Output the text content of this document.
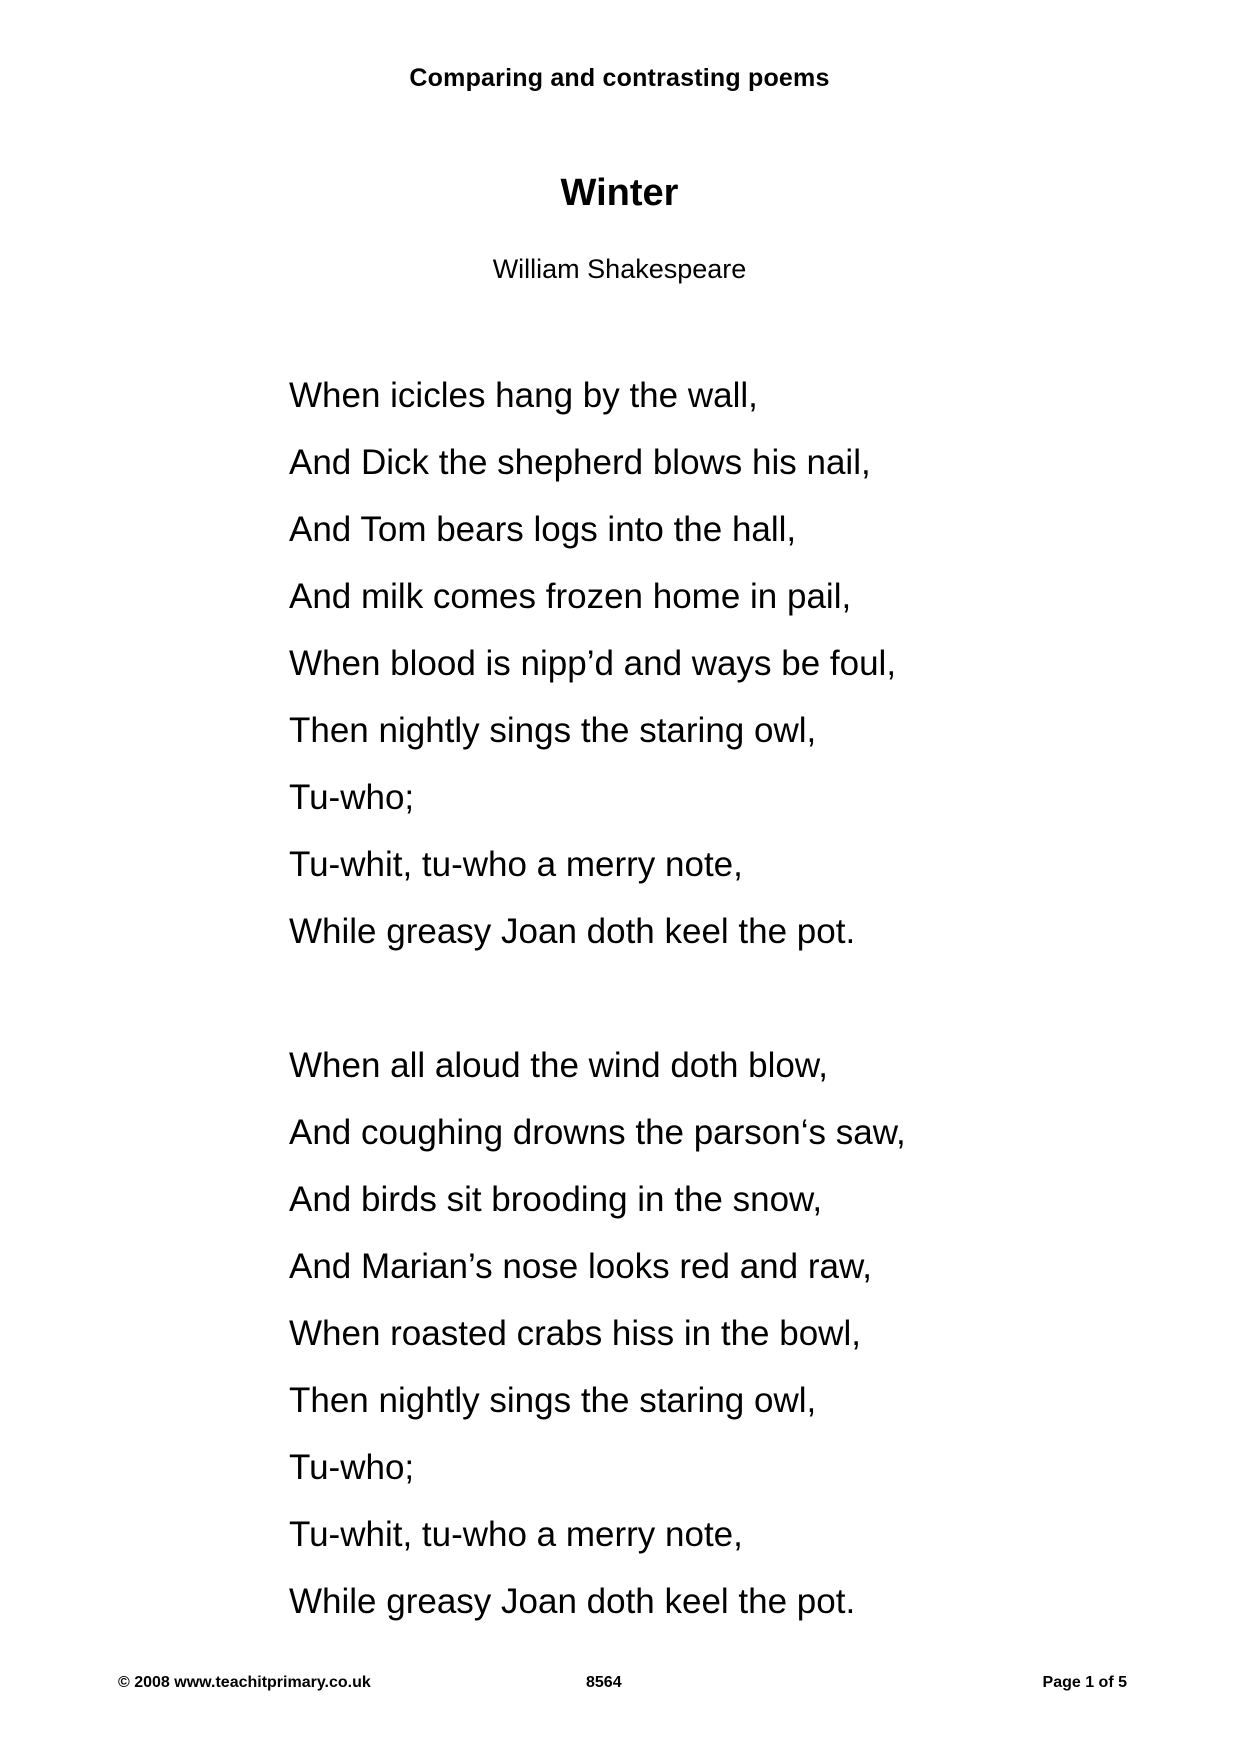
Comparing and contrasting poems
Winter
William Shakespeare
When icicles hang by the wall,
And Dick the shepherd blows his nail,
And Tom bears logs into the hall,
And milk comes frozen home in pail,
When blood is nipp’d and ways be foul,
Then nightly sings the staring owl,
Tu-who;
Tu-whit, tu-who a merry note,
While greasy Joan doth keel the pot.
When all aloud the wind doth blow,
And coughing drowns the parson‘s saw,
And birds sit brooding in the snow,
And Marian’s nose looks red and raw,
When roasted crabs hiss in the bowl,
Then nightly sings the staring owl,
Tu-who;
Tu-whit, tu-who a merry note,
While greasy Joan doth keel the pot.
© 2008 www.teachitprimary.co.uk	8564	Page 1 of 5
